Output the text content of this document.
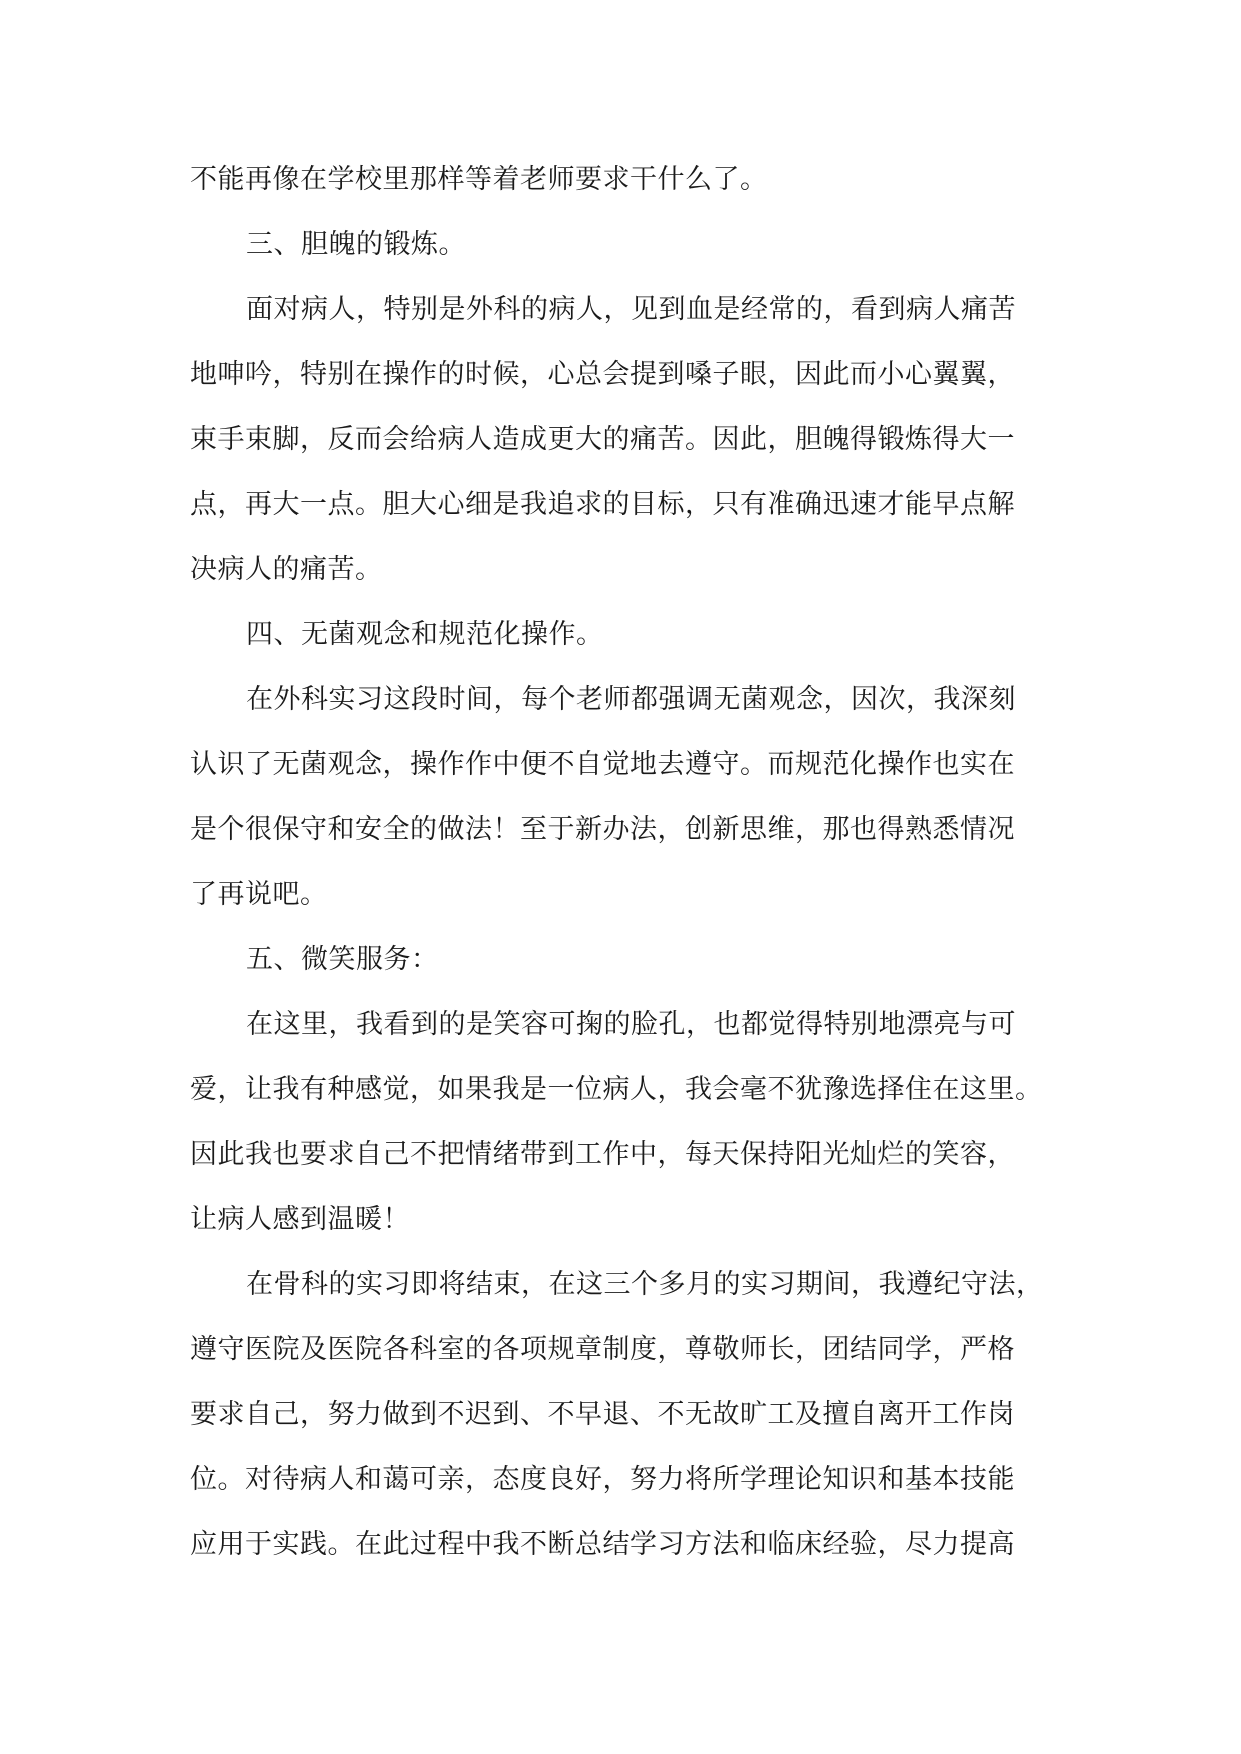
不能再像在学校里那样等着老师要求干什么了。
三、胆魄的锻炼。
面对病人，特别是外科的病人，见到血是经常的，看到病人痛苦
地呻吟，特别在操作的时候，心总会提到嗓子眼，因此而小心翼翼，
束手束脚，反而会给病人造成更大的痛苦。因此，胆魄得锻炼得大一
点，再大一点。胆大心细是我追求的目标，只有准确迅速才能早点解
决病人的痛苦。
四、无菌观念和规范化操作。
在外科实习这段时间，每个老师都强调无菌观念，因次，我深刻
认识了无菌观念，操作作中便不自觉地去遵守。而规范化操作也实在
是个很保守和安全的做法！至于新办法，创新思维，那也得熟悉情况
了再说吧。
五、微笑服务：
在这里，我看到的是笑容可掬的脸孔，也都觉得特别地漂亮与可
爱，让我有种感觉，如果我是一位病人，我会毫不犹豫选择住在这里。
因此我也要求自己不把情绪带到工作中，每天保持阳光灿烂的笑容，
让病人感到温暖！
在骨科的实习即将结束，在这三个多月的实习期间，我遵纪守法，
遵守医院及医院各科室的各项规章制度，尊敬师长，团结同学，严格
要求自己，努力做到不迟到、不早退、不无故旷工及擅自离开工作岗
位。对待病人和蔼可亲，态度良好，努力将所学理论知识和基本技能
应用于实践。在此过程中我不断总结学习方法和临床经验，尽力提高
